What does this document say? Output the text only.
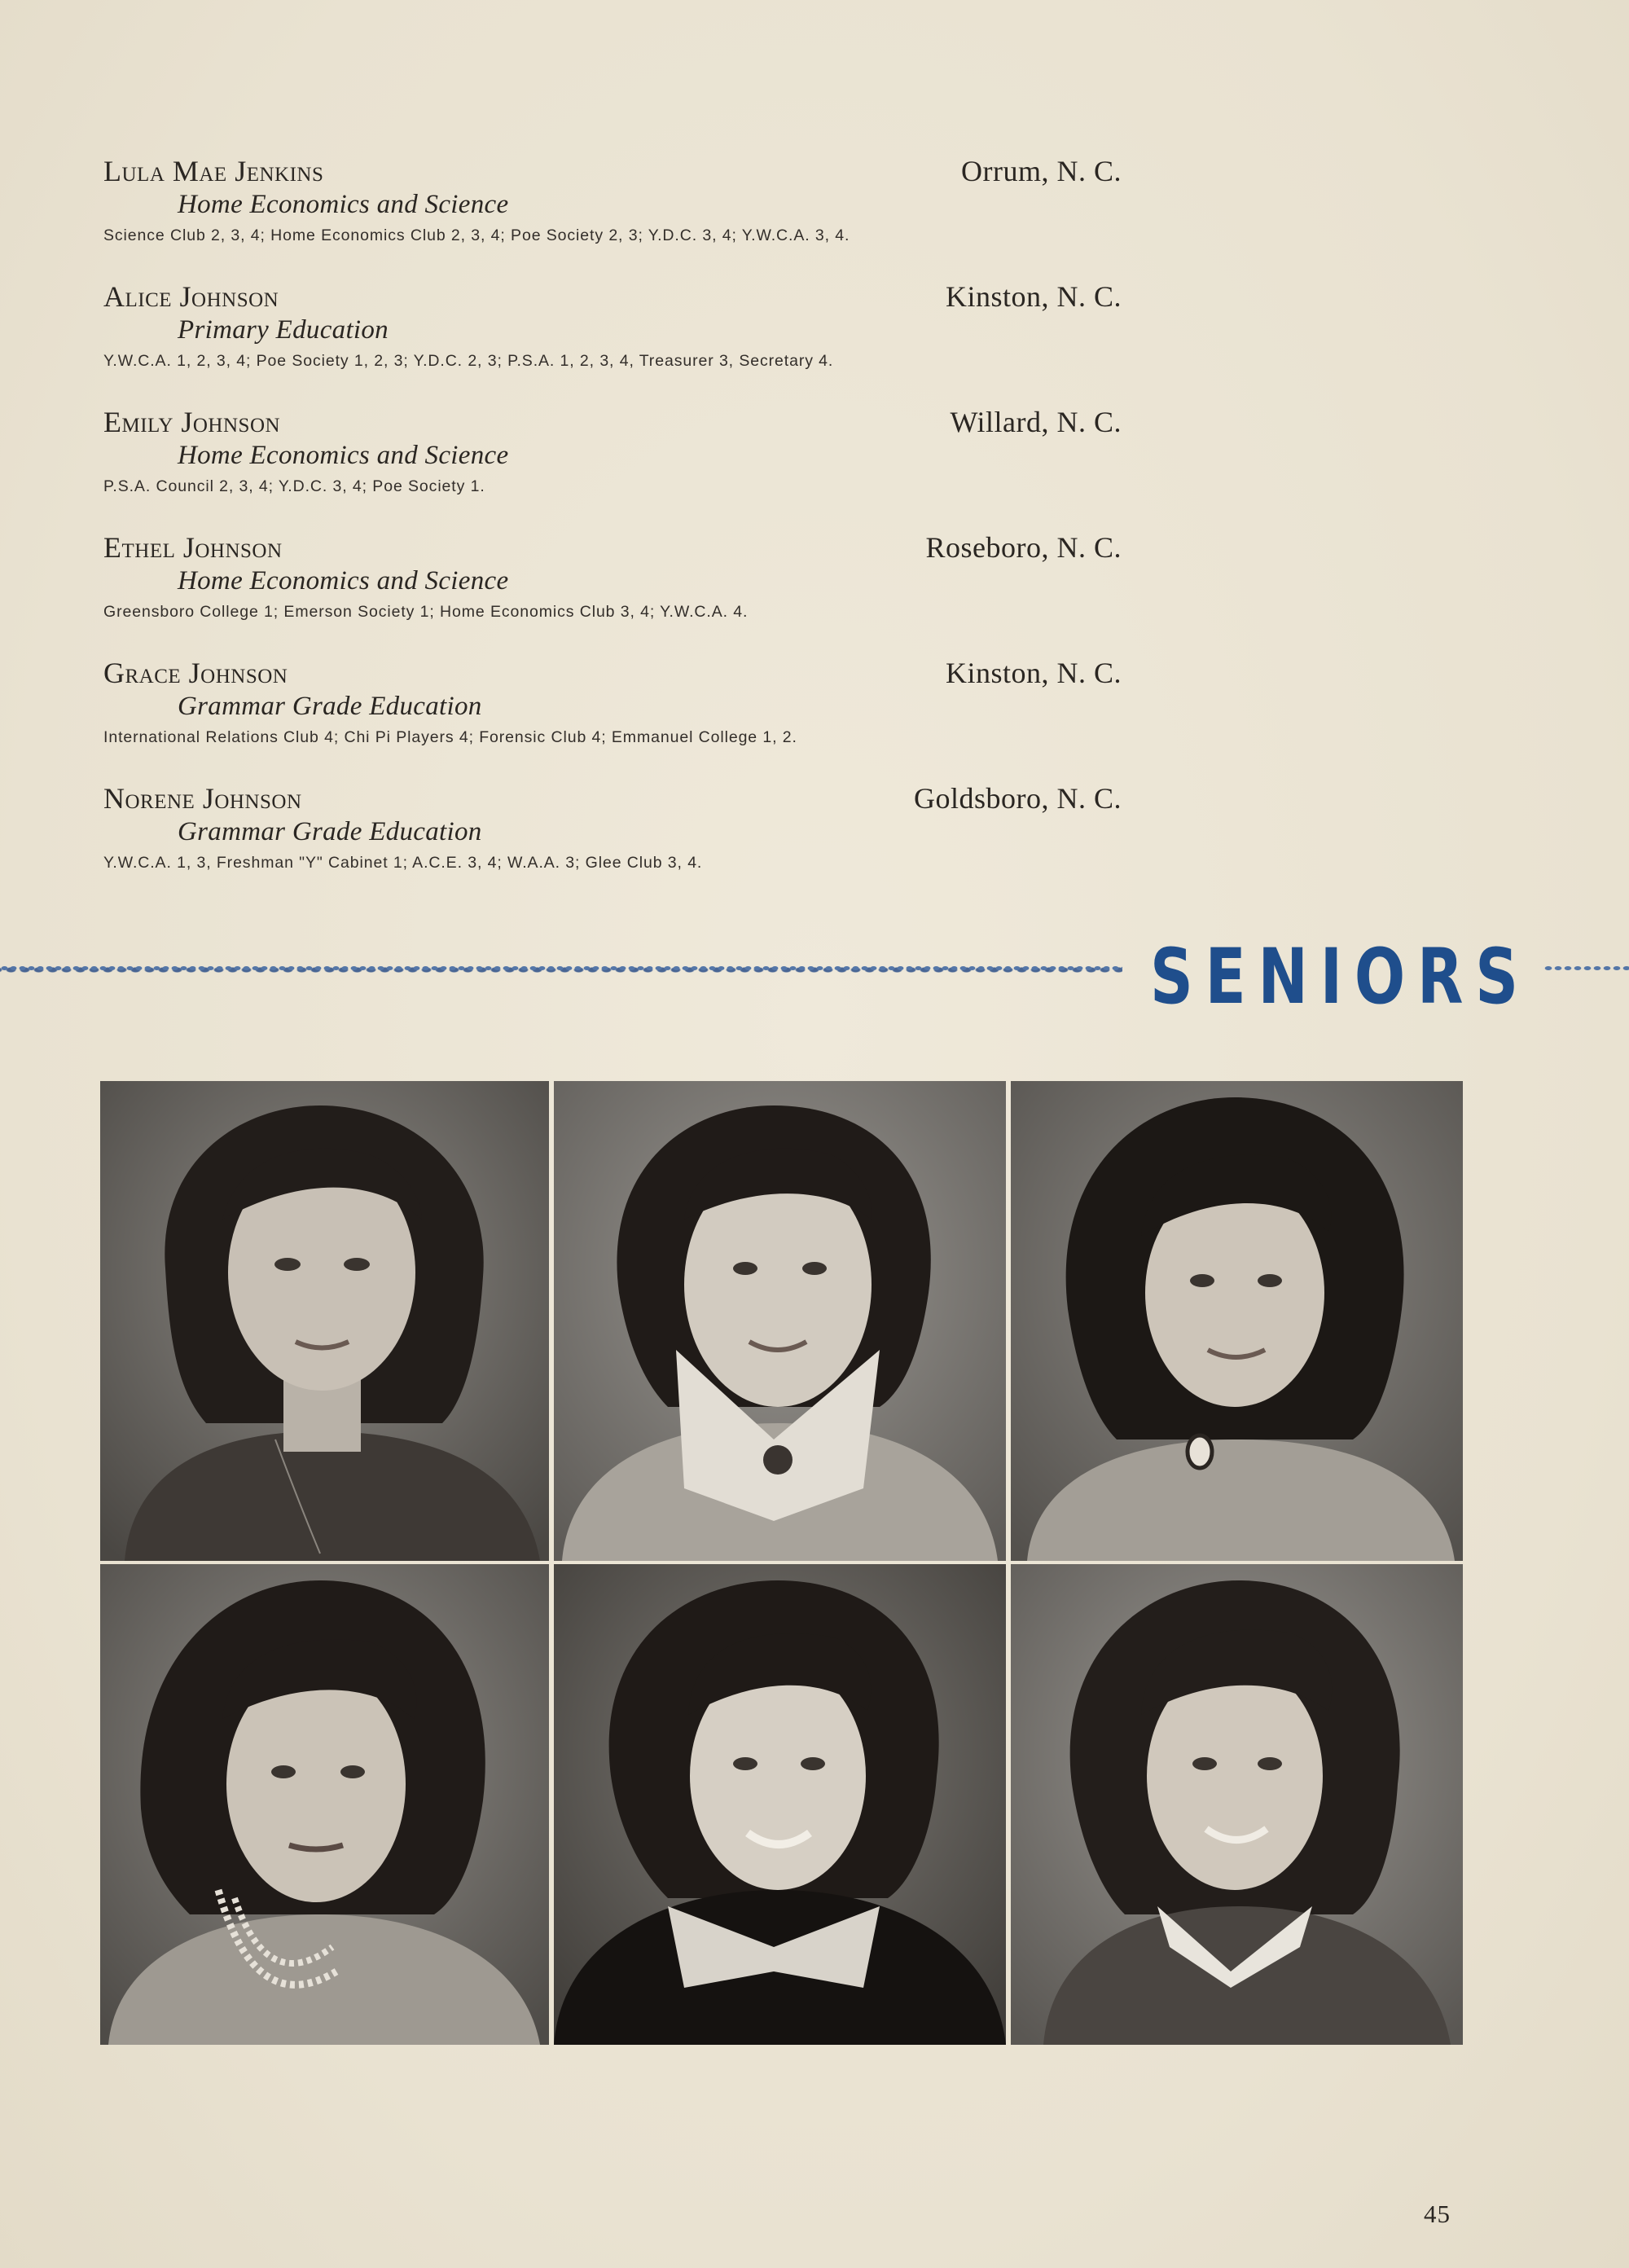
Lula Mae Jenkins	Orrum, N. C.
Home Economics and Science
Science Club 2, 3, 4; Home Economics Club 2, 3, 4; Poe Society 2, 3; Y.D.C. 3, 4; Y.W.C.A. 3, 4.
Alice Johnson	Kinston, N. C.
Primary Education
Y.W.C.A. 1, 2, 3, 4; Poe Society 1, 2, 3; Y.D.C. 2, 3; P.S.A. 1, 2, 3, 4, Treasurer 3, Secretary 4.
Emily Johnson	Willard, N. C.
Home Economics and Science
P.S.A. Council 2, 3, 4; Y.D.C. 3, 4; Poe Society 1.
Ethel Johnson	Roseboro, N. C.
Home Economics and Science
Greensboro College 1; Emerson Society 1; Home Economics Club 3, 4; Y.W.C.A. 4.
Grace Johnson	Kinston, N. C.
Grammar Grade Education
International Relations Club 4; Chi Pi Players 4; Forensic Club 4; Emmanuel College 1, 2.
Norene Johnson	Goldsboro, N. C.
Grammar Grade Education
Y.W.C.A. 1, 3, Freshman "Y" Cabinet 1; A.C.E. 3, 4; W.A.A. 3; Glee Club 3, 4.
SENIORS
45
